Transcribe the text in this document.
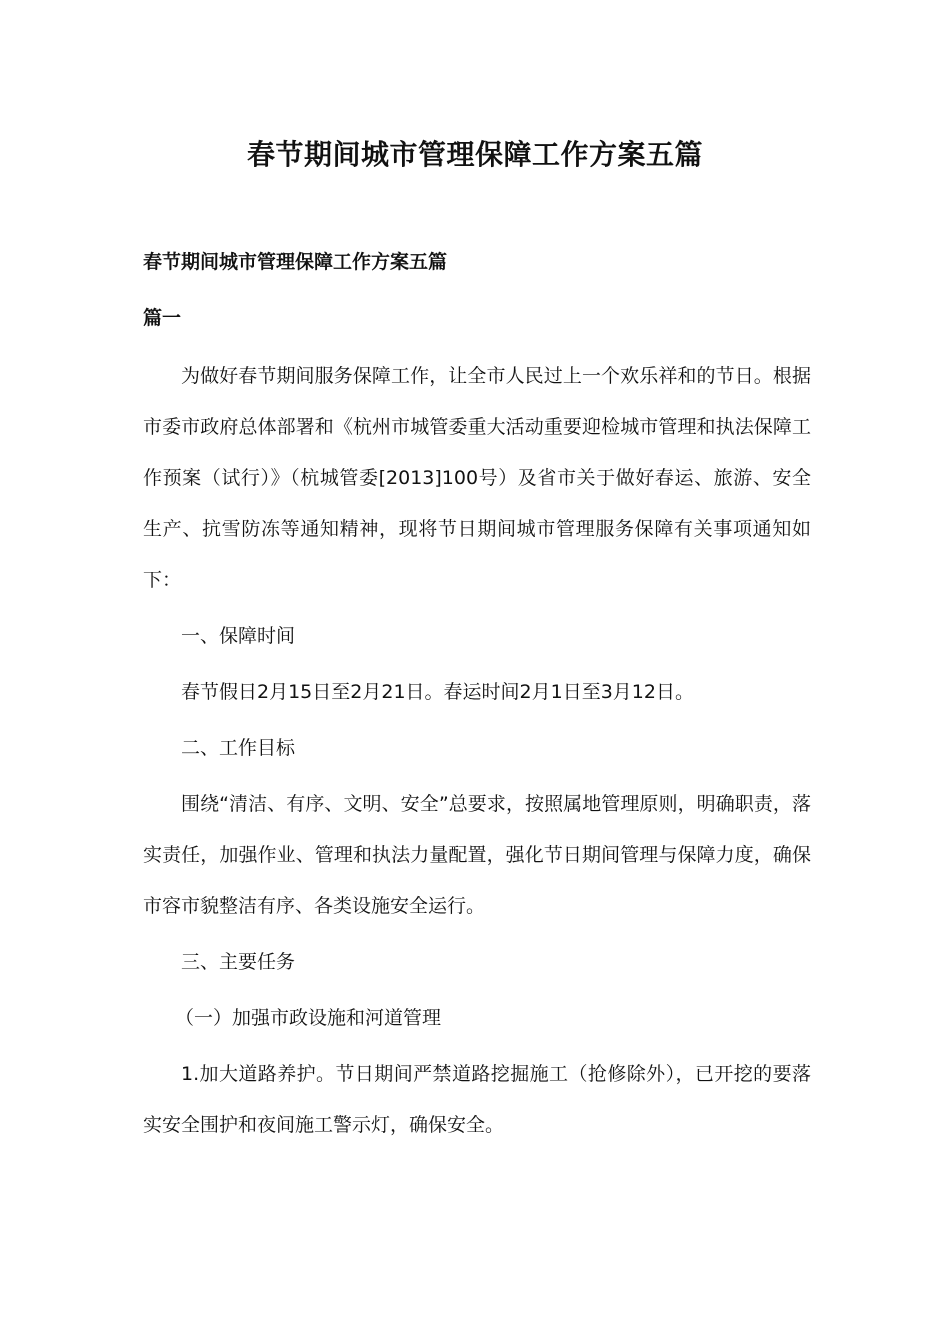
春节期间城市管理保障工作方案五篇

春节期间城市管理保障工作方案五篇

篇一

为做好春节期间服务保障工作，让全市人民过上一个欢乐祥和的节日。根据市委市政府总体部署和《杭州市城管委重大活动重要迎检城市管理和执法保障工作预案（试行）》（杭城管委[2013]100号）及省市关于做好春运、旅游、安全生产、抗雪防冻等通知精神，现将节日期间城市管理服务保障有关事项通知如下：

一、保障时间

春节假日2月15日至2月21日。春运时间2月1日至3月12日。

二、工作目标

围绕“清洁、有序、文明、安全”总要求，按照属地管理原则，明确职责，落实责任，加强作业、管理和执法力量配置，强化节日期间管理与保障力度，确保市容市貌整洁有序、各类设施安全运行。

三、主要任务

（一）加强市政设施和河道管理

1.加大道路养护。节日期间严禁道路挖掘施工（抢修除外），已开挖的要落实安全围护和夜间施工警示灯，确保安全。
